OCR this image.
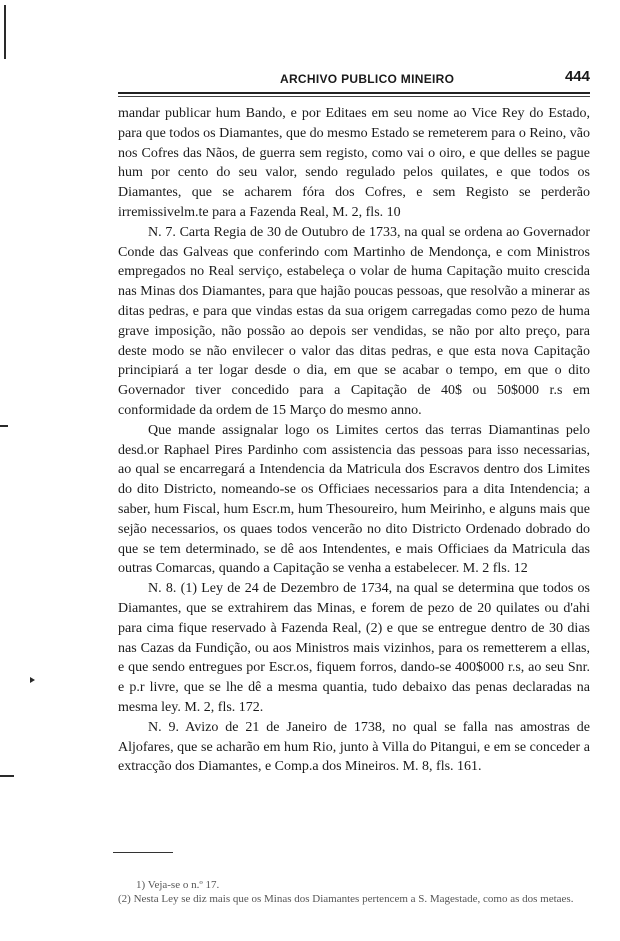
ARCHIVO PUBLICO MINEIRO	444

mandar publicar hum Bando, e por Editaes em seu nome ao Vice Rey do Estado, para que todos os Diamantes, que do mesmo Estado se remeterem para o Reino, vão nos Cofres das Nãos, de guerra sem registo, como vai o oiro, e que delles se pague hum por cento do seu valor, sendo regulado pelos quilates, e que todos os Diamantes, que se acharem fóra dos Cofres, e sem Registo se perderão irremissivelm.te para a Fazenda Real, M. 2, fls. 10

N. 7. Carta Regia de 30 de Outubro de 1733, na qual se ordena ao Governador Conde das Galveas que conferindo com Martinho de Mendonça, e com Ministros empregados no Real serviço, estabeleça o volar de huma Capitação muito crescida nas Minas dos Diamantes, para que hajão poucas pessoas, que resolvão a minerar as ditas pedras, e para que vindas estas da sua origem carregadas como pezo de huma grave imposição, não possão ao depois ser vendidas, se não por alto preço, para deste modo se não envilecer o valor das ditas pedras, e que esta nova Capitação principiará a ter logar desde o dia, em que se acabar o tempo, em que o dito Governador tiver concedido para a Capitação de 40$ ou 50$000 r.s em conformidade da ordem de 15 Março do mesmo anno.

Que mande assignalar logo os Limites certos das terras Diamantinas pelo desd.or Raphael Pires Pardinho com assistencia das pessoas para isso necessarias, ao qual se encarregará a Intendencia da Matricula dos Escravos dentro dos Limites do dito Districto, nomeando-se os Officiaes necessarios para a dita Intendencia; a saber, hum Fiscal, hum Escr.m, hum Thesoureiro, hum Meirinho, e alguns mais que sejão necessarios, os quaes todos vencerão no dito Districto Ordenado dobrado do que se tem determinado, se dê aos Intendentes, e mais Officiaes da Matricula das outras Comarcas, quando a Capitação se venha a estabelecer. M. 2 fls. 12

N. 8. (1) Ley de 24 de Dezembro de 1734, na qual se determina que todos os Diamantes, que se extrahirem das Minas, e forem de pezo de 20 quilates ou d'ahi para cima fique reservado à Fazenda Real, (2) e que se entregue dentro de 30 dias nas Cazas da Fundição, ou aos Ministros mais vizinhos, para os remetterem a ellas, e que sendo entregues por Escr.os, fiquem forros, dando-se 400$000 r.s, ao seu Snr. e p.r livre, que se lhe dê a mesma quantia, tudo debaixo das penas declaradas na mesma ley. M. 2, fls. 172.

N. 9. Avizo de 21 de Janeiro de 1738, no qual se falla nas amostras de Aljofares, que se acharão em hum Rio, junto à Villa do Pitangui, e em se conceder a extracção dos Diamantes, e Comp.a dos Mineiros. M. 8, fls. 161.

1) Veja-se o n.º 17.

(2) Nesta Ley se diz mais que os Minas dos Diamantes pertencem a S. Magestade, como as dos metaes.
